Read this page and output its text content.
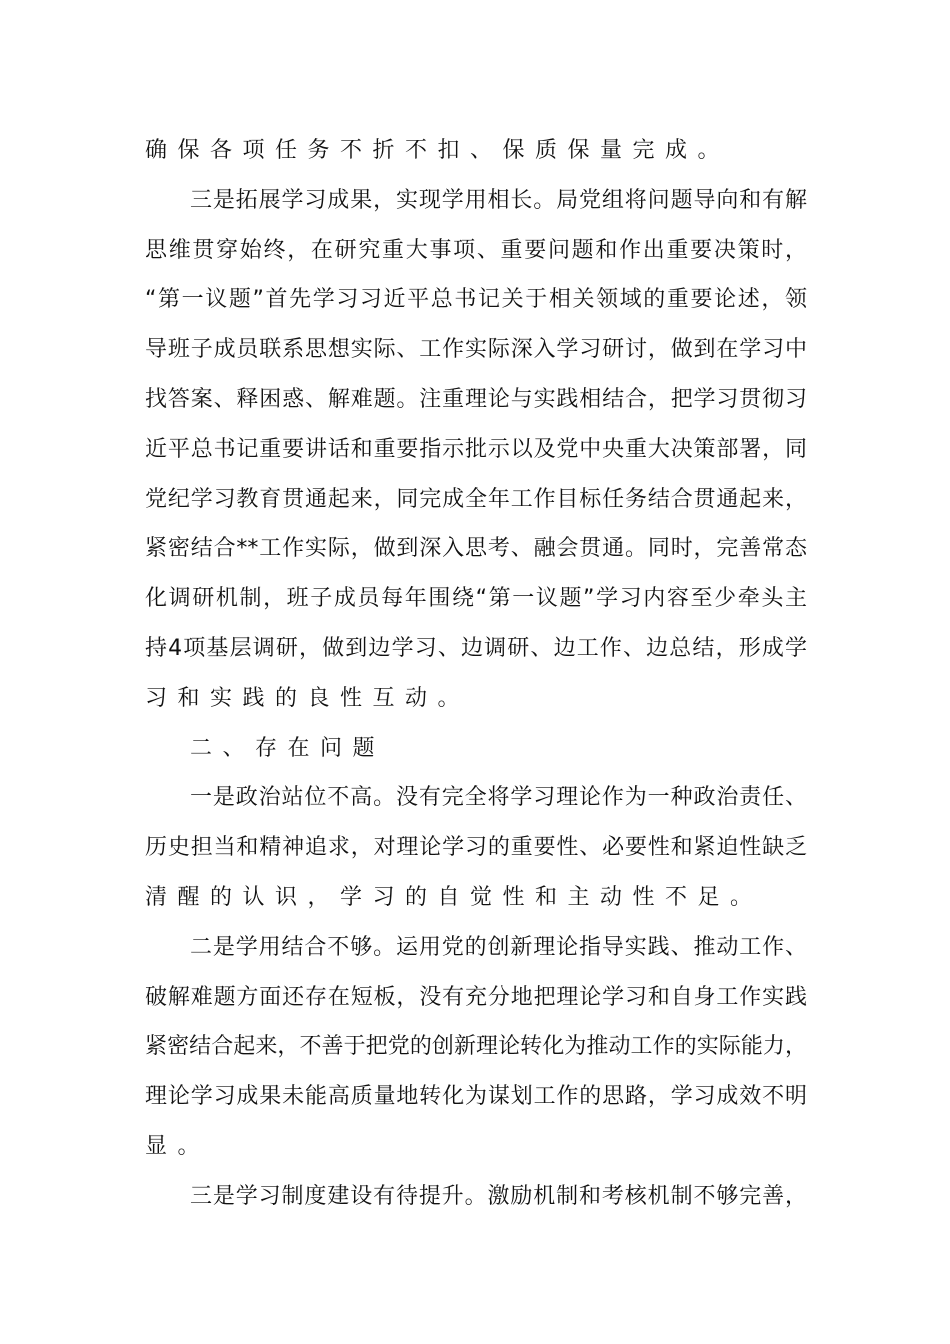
确保各项任务不折不扣、保质保量完成。
三是拓展学习成果，实现学用相长。局党组将问题导向和有解
思维贯穿始终，在研究重大事项、重要问题和作出重要决策时，
“第一议题”首先学习习近平总书记关于相关领域的重要论述，领
导班子成员联系思想实际、工作实际深入学习研讨，做到在学习中
找答案、释困惑、解难题。注重理论与实践相结合，把学习贯彻习
近平总书记重要讲话和重要指示批示以及党中央重大决策部署，同
党纪学习教育贯通起来，同完成全年工作目标任务结合贯通起来，
紧密结合**工作实际，做到深入思考、融会贯通。同时，完善常态
化调研机制，班子成员每年围绕“第一议题”学习内容至少牵头主
持4项基层调研，做到边学习、边调研、边工作、边总结，形成学
习和实践的良性互动。
二、存在问题
一是政治站位不高。没有完全将学习理论作为一种政治责任、
历史担当和精神追求，对理论学习的重要性、必要性和紧迫性缺乏
清醒的认识，学习的自觉性和主动性不足。
二是学用结合不够。运用党的创新理论指导实践、推动工作、
破解难题方面还存在短板，没有充分地把理论学习和自身工作实践
紧密结合起来，不善于把党的创新理论转化为推动工作的实际能力，
理论学习成果未能高质量地转化为谋划工作的思路，学习成效不明
显。
三是学习制度建设有待提升。激励机制和考核机制不够完善，
